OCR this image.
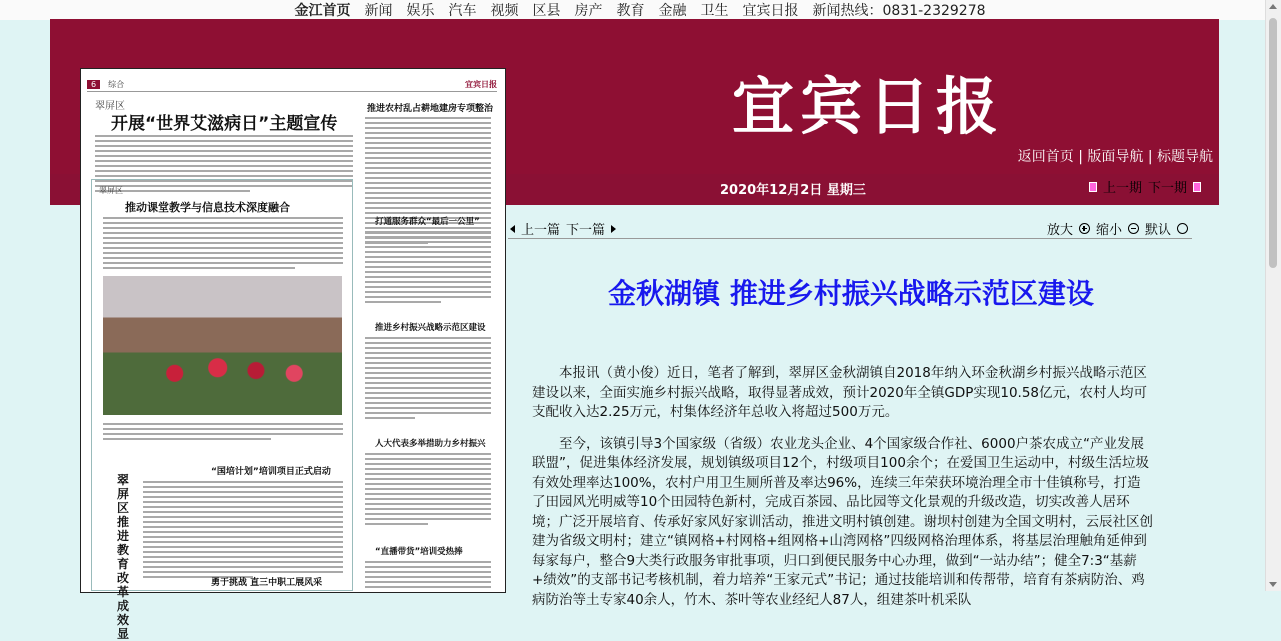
金江首页 新闻 娱乐 汽车 视频 区县 房产 教育 金融 卫生 宜宾日报 新闻热线：0831-2329278
宜宾日报
返回首页 | 版面导航 | 标题导航
2020年12月2日 星期三	上一期 下一期
6	综合	宜宾日报
翠屏区
开展“世界艾滋病日”主题宣传
推进农村乱占耕地建房专项整治
翠屏区
推动课堂教学与信息技术深度融合
“国培计划”培训项目正式启动
翠屏区推进教育改革成效显
勇于挑战 直三中职工展风采
打通服务群众“最后一公里”
推进乡村振兴战略示范区建设
人大代表多举措助力乡村振兴
“直播带货”培训受热捧
上一篇 下一篇	放大 缩小 默认
金秋湖镇 推进乡村振兴战略示范区建设

本报讯（黄小俊）近日，笔者了解到，翠屏区金秋湖镇自2018年纳入环金秋湖乡村振兴战略示范区建设以来，全面实施乡村振兴战略，取得显著成效，预计2020年全镇GDP实现10.58亿元，农村人均可支配收入达2.25万元，村集体经济年总收入将超过500万元。

至今，该镇引导3个国家级（省级）农业龙头企业、4个国家级合作社、6000户茶农成立“产业发展联盟”，促进集体经济发展，规划镇级项目12个，村级项目100余个；在爱国卫生运动中，村级生活垃圾有效处理率达100%，农村户用卫生厕所普及率达96%，连续三年荣获环境治理全市十佳镇称号，打造了田园风光明威等10个田园特色新村，完成百茶园、品比园等文化景观的升级改造，切实改善人居环境；广泛开展培育、传承好家风好家训活动，推进文明村镇创建。谢坝村创建为全国文明村，云辰社区创建为省级文明村；建立“镇网格+村网格+组网格+山湾网格”四级网格治理体系，将基层治理触角延伸到每家每户，整合9大类行政服务审批事项，归口到便民服务中心办理，做到“一站办结”；健全7:3“基薪+绩效”的支部书记考核机制，着力培养“王家元式”书记；通过技能培训和传帮带，培育有茶病防治、鸡病防治等土专家40余人，竹木、茶叶等农业经纪人87人，组建茶叶机采队
